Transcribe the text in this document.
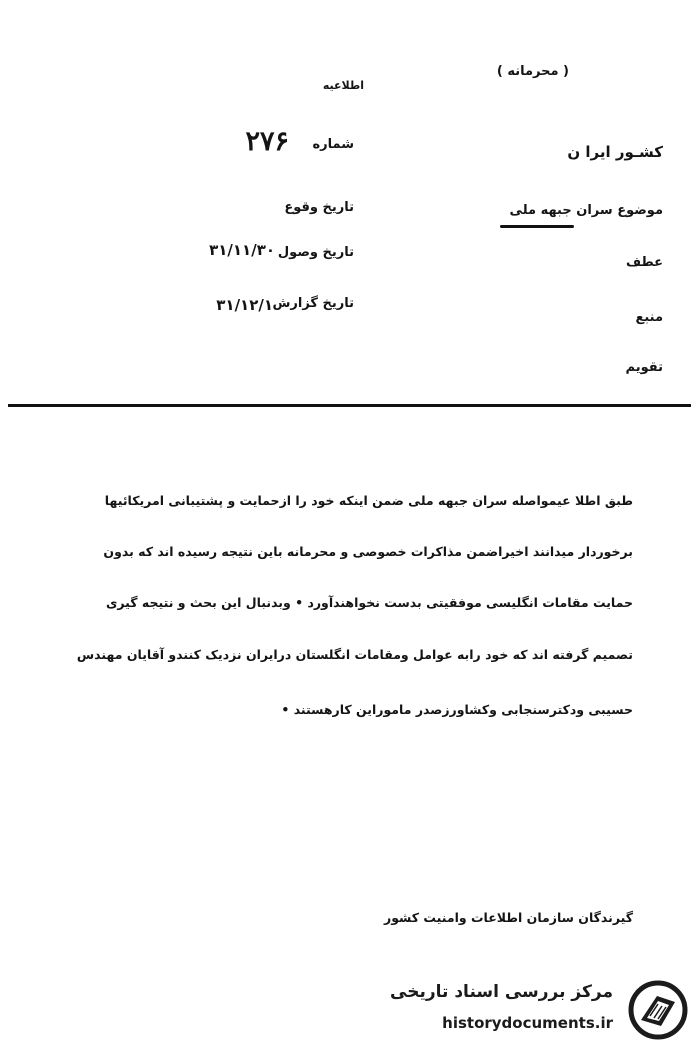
( محرمانه )
اطلاعیه
کشـور ایرا ن
شماره
۲۷۶
موضوع سران جبهه ملی
تاریخ وقوع
عطف
تاریخ وصول
۳۱/۱۱/۳۰
منبع
تاریخ گزارش
۳۱/۱۲/۱
تقویم
طبق اطلا عیمواصله سران جبهه ملی ضمن اینکه خود را ازحمایت و پشتیبانی امریکائیها
برخوردار میدانند اخیراضمن مذاکرات خصوصی و محرمانه باین نتیجه رسیده اند که بدون
حمایت مقامات انگلیسی موفقیتی بدست نخواهندآورد • وبدنبال این بحث و نتیجه گیری
تصمیم گرفته اند که خود رابه عوامل ومقامات انگلستان درایران نزدیک کنندو آقایان مهندس
حسیبی ودکترسنجابی وکشاورزصدر ماموراین کارهستند •
گیرندگان سازمان اطلاعات وامنیت کشور
مرکز بررسی اسناد تاریخی
historydocuments.ir
